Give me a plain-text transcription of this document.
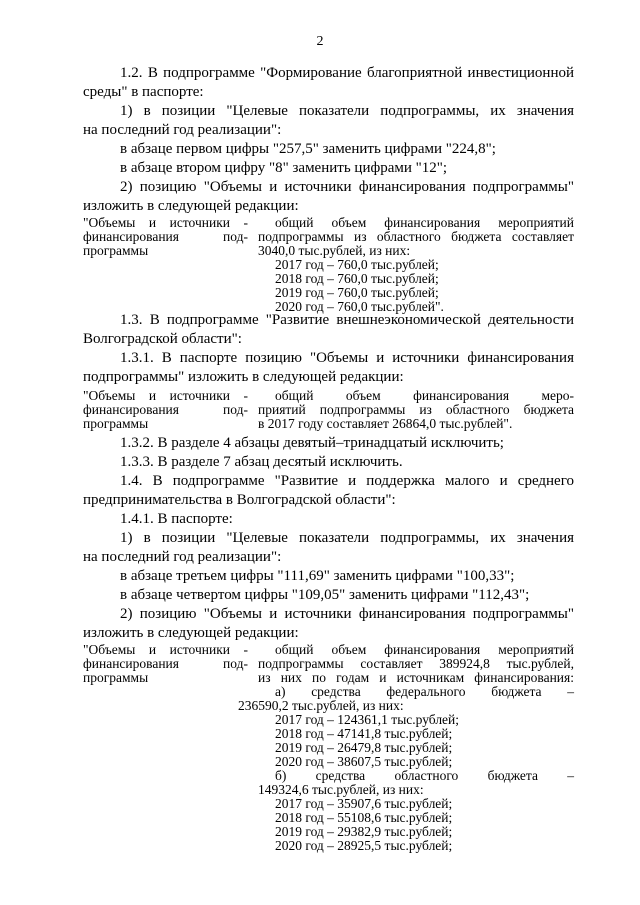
2
1.2. В подпрограмме "Формирование благоприятной инвестиционной
среды" в паспорте:
1) в позиции "Целевые показатели подпрограммы, их значения
на последний год реализации":
в абзаце первом цифры "257,5" заменить цифрами "224,8";
в абзаце втором цифру "8" заменить цифрами "12";
2) позицию "Объемы и источники финансирования подпрограммы"
изложить в следующей редакции:
"Объемы и источники -
финансирования под-
программы
общий объем финансирования мероприятий
подпрограммы из областного бюджета составляет
3040,0 тыс.рублей, из них:
2017 год – 760,0 тыс.рублей;
2018 год – 760,0 тыс.рублей;
2019 год – 760,0 тыс.рублей;
2020 год – 760,0 тыс.рублей".
1.3. В подпрограмме "Развитие внешнеэкономической деятельности
Волгоградской области":
1.3.1. В паспорте позицию "Объемы и источники финансирования
подпрограммы" изложить в следующей редакции:
"Объемы и источники -
финансирования под-
программы
общий объем финансирования меро-
приятий подпрограммы из областного бюджета
в 2017 году составляет 26864,0 тыс.рублей".
1.3.2. В разделе 4 абзацы девятый–тринадцатый исключить;
1.3.3. В разделе 7 абзац десятый исключить.
1.4. В подпрограмме "Развитие и поддержка малого и среднего
предпринимательства в Волгоградской области":
1.4.1. В паспорте:
1) в позиции "Целевые показатели подпрограммы, их значения
на последний год реализации":
в абзаце третьем цифры "111,69" заменить цифрами "100,33";
в абзаце четвертом цифры "109,05" заменить цифрами "112,43";
2) позицию "Объемы и источники финансирования подпрограммы"
изложить в следующей редакции:
"Объемы и источники -
финансирования под-
программы
общий объем финансирования мероприятий
подпрограммы составляет 389924,8 тыс.рублей,
из них по годам и источникам финансирования:
а) средства федерального бюджета –
236590,2 тыс.рублей, из них:
2017 год – 124361,1 тыс.рублей;
2018 год – 47141,8 тыс.рублей;
2019 год – 26479,8 тыс.рублей;
2020 год – 38607,5 тыс.рублей;
б) средства областного бюджета –
149324,6 тыс.рублей, из них:
2017 год – 35907,6 тыс.рублей;
2018 год – 55108,6 тыс.рублей;
2019 год – 29382,9 тыс.рублей;
2020 год – 28925,5 тыс.рублей;
